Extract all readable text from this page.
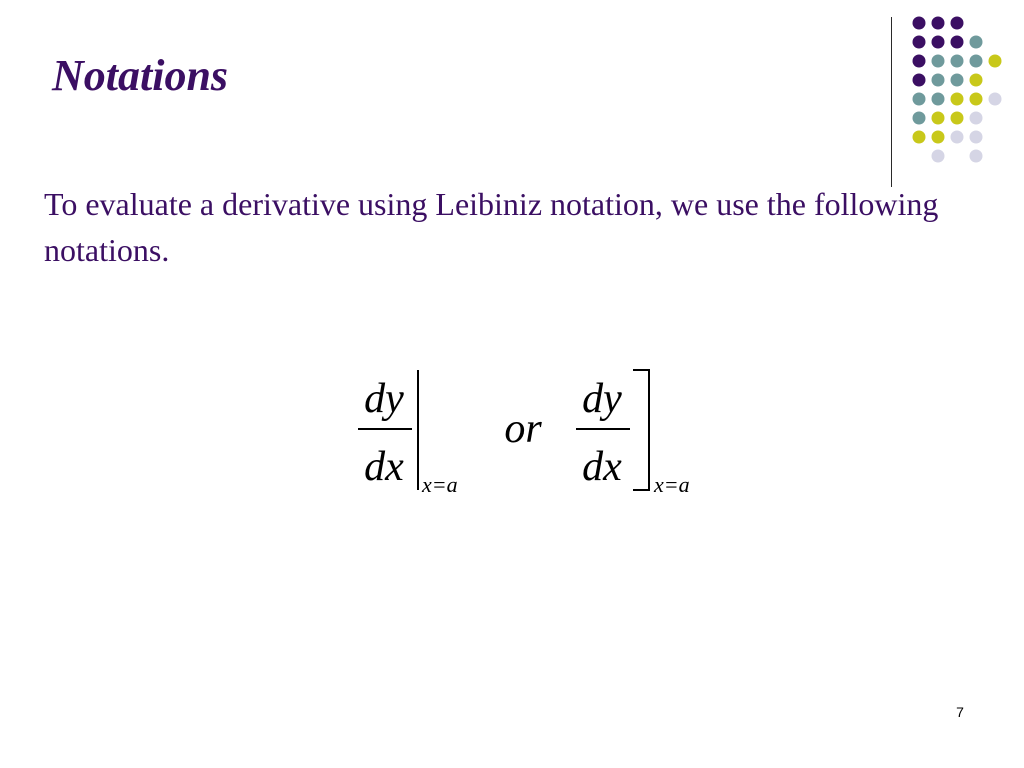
Notations

To evaluate a derivative using Leibiniz notation, we use the following notations.

dy
dx x=a
or
dy
dx x=a
7
